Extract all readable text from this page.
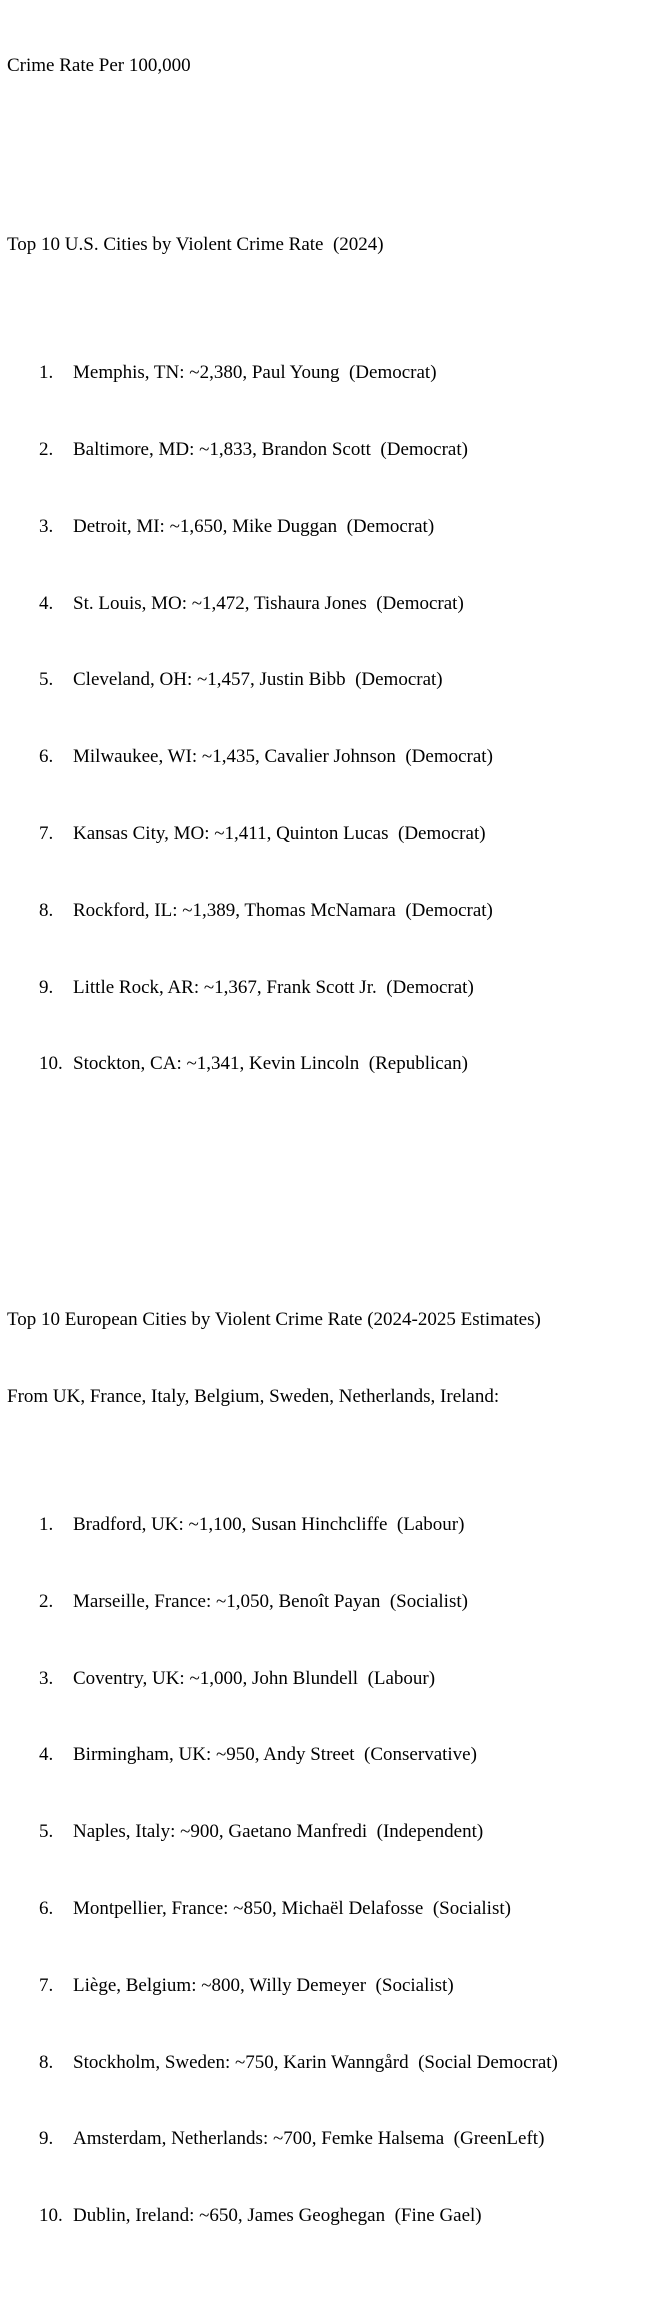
Crime Rate Per 100,000

Top 10 U.S. Cities by Violent Crime Rate  (2024)

1.	Memphis, TN: ~2,380, Paul Young  (Democrat)

2.	Baltimore, MD: ~1,833, Brandon Scott  (Democrat)

3.	Detroit, MI: ~1,650, Mike Duggan  (Democrat)

4.	St. Louis, MO: ~1,472, Tishaura Jones  (Democrat)

5.	Cleveland, OH: ~1,457, Justin Bibb  (Democrat)

6.	Milwaukee, WI: ~1,435, Cavalier Johnson  (Democrat)

7.	Kansas City, MO: ~1,411, Quinton Lucas  (Democrat)

8.	Rockford, IL: ~1,389, Thomas McNamara  (Democrat)

9.	Little Rock, AR: ~1,367, Frank Scott Jr.  (Democrat)

10. Stockton, CA: ~1,341, Kevin Lincoln  (Republican)

Top 10 European Cities by Violent Crime Rate (2024-2025 Estimates)

From UK, France, Italy, Belgium, Sweden, Netherlands, Ireland:

1.	Bradford, UK: ~1,100, Susan Hinchcliffe  (Labour)

2.	Marseille, France: ~1,050, Benoît Payan  (Socialist)

3.	Coventry, UK: ~1,000, John Blundell  (Labour)

4.	Birmingham, UK: ~950, Andy Street  (Conservative)

5.	Naples, Italy: ~900, Gaetano Manfredi  (Independent)

6.	Montpellier, France: ~850, Michaël Delafosse  (Socialist)

7.	Liège, Belgium: ~800, Willy Demeyer  (Socialist)

8.	Stockholm, Sweden: ~750, Karin Wanngård  (Social Democrat)

9.	Amsterdam, Netherlands: ~700, Femke Halsema  (GreenLeft)

10. Dublin, Ireland: ~650, James Geoghegan  (Fine Gael)
